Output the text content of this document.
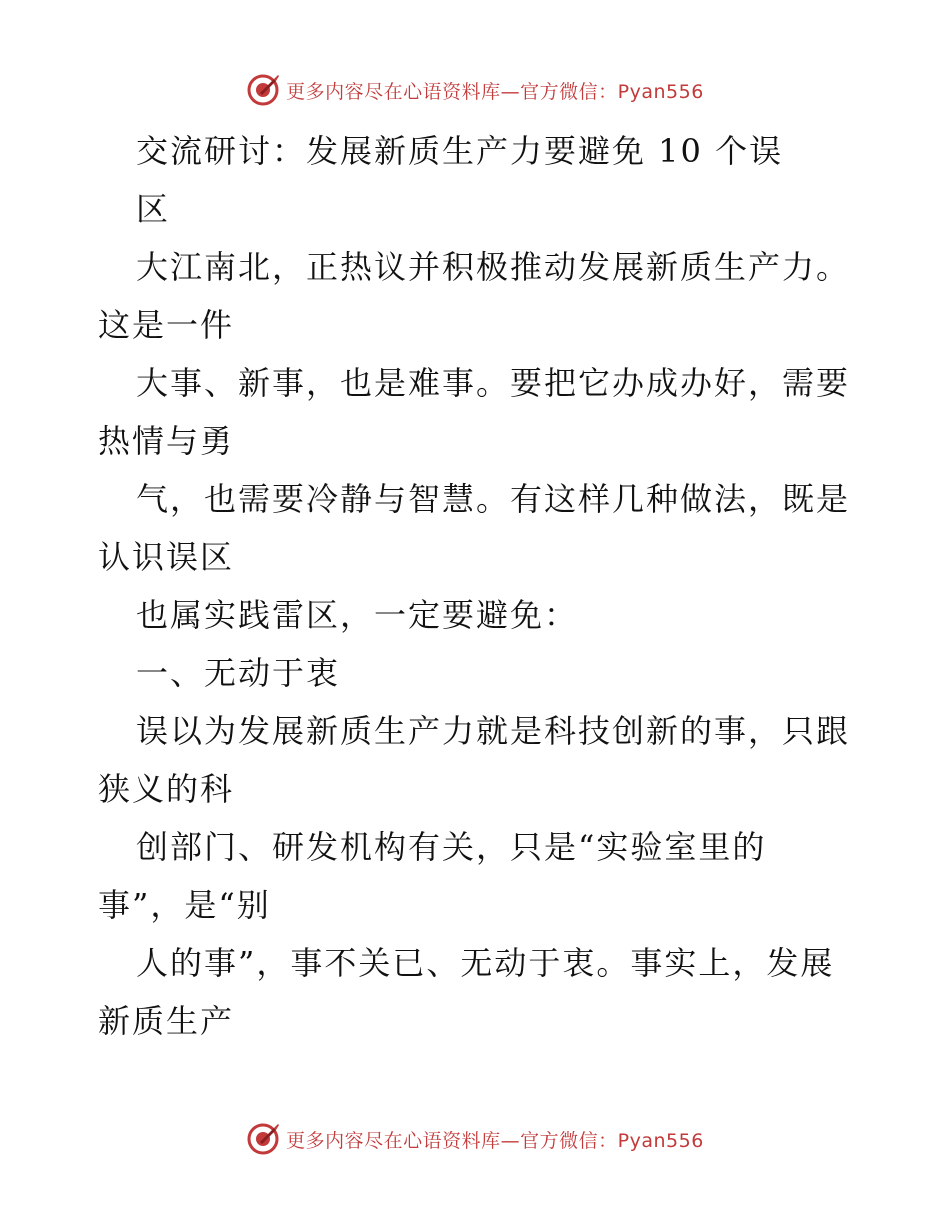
更多内容尽在心语资料库—官方微信：Pyan556
交流研讨：发展新质生产力要避免 10 个误
区
大江南北，正热议并积极推动发展新质生产力。
这是一件
大事、新事，也是难事。要把它办成办好，需要
热情与勇
气，也需要冷静与智慧。有这样几种做法，既是
认识误区
也属实践雷区，一定要避免：
一、无动于衷
误以为发展新质生产力就是科技创新的事，只跟
狭义的科
创部门、研发机构有关，只是“实验室里的
事”，是“别
人的事”，事不关已、无动于衷。事实上，发展
新质生产
更多内容尽在心语资料库—官方微信：Pyan556
